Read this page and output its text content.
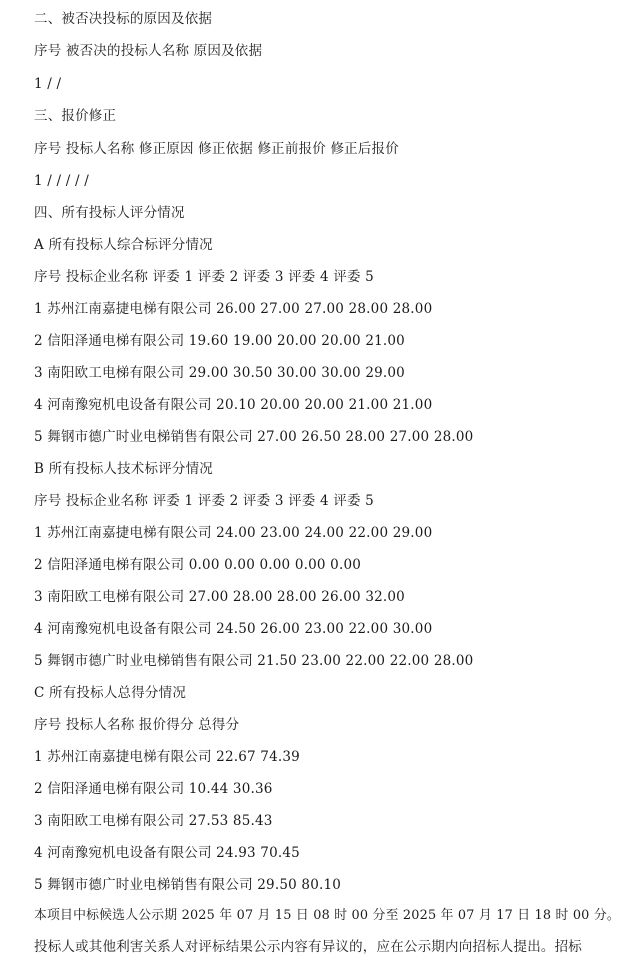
二、被否决投标的原因及依据
序号 被否决的投标人名称 原因及依据
1 / /
三、报价修正
序号 投标人名称 修正原因 修正依据 修正前报价 修正后报价
1 / / / / /
四、所有投标人评分情况
A 所有投标人综合标评分情况
序号 投标企业名称 评委 1 评委 2 评委 3 评委 4 评委 5
1 苏州江南嘉捷电梯有限公司 26.00 27.00 27.00 28.00 28.00
2 信阳泽通电梯有限公司 19.60 19.00 20.00 20.00 21.00
3 南阳欧工电梯有限公司 29.00 30.50 30.00 30.00 29.00
4 河南豫宛机电设备有限公司 20.10 20.00 20.00 21.00 21.00
5 舞钢市德广时业电梯销售有限公司 27.00 26.50 28.00 27.00 28.00
B 所有投标人技术标评分情况
序号 投标企业名称 评委 1 评委 2 评委 3 评委 4 评委 5
1 苏州江南嘉捷电梯有限公司 24.00 23.00 24.00 22.00 29.00
2 信阳泽通电梯有限公司 0.00 0.00 0.00 0.00 0.00
3 南阳欧工电梯有限公司 27.00 28.00 28.00 26.00 32.00
4 河南豫宛机电设备有限公司 24.50 26.00 23.00 22.00 30.00
5 舞钢市德广时业电梯销售有限公司 21.50 23.00 22.00 22.00 28.00
C 所有投标人总得分情况
序号 投标人名称 报价得分 总得分
1 苏州江南嘉捷电梯有限公司 22.67 74.39
2 信阳泽通电梯有限公司 10.44 30.36
3 南阳欧工电梯有限公司 27.53 85.43
4 河南豫宛机电设备有限公司 24.93 70.45
5 舞钢市德广时业电梯销售有限公司 29.50 80.10
本项目中标候选人公示期 2025 年 07 月 15 日 08 时 00 分至 2025 年 07 月 17 日 18 时 00 分。
投标人或其他利害关系人对评标结果公示内容有异议的，应在公示期内向招标人提出。招标
